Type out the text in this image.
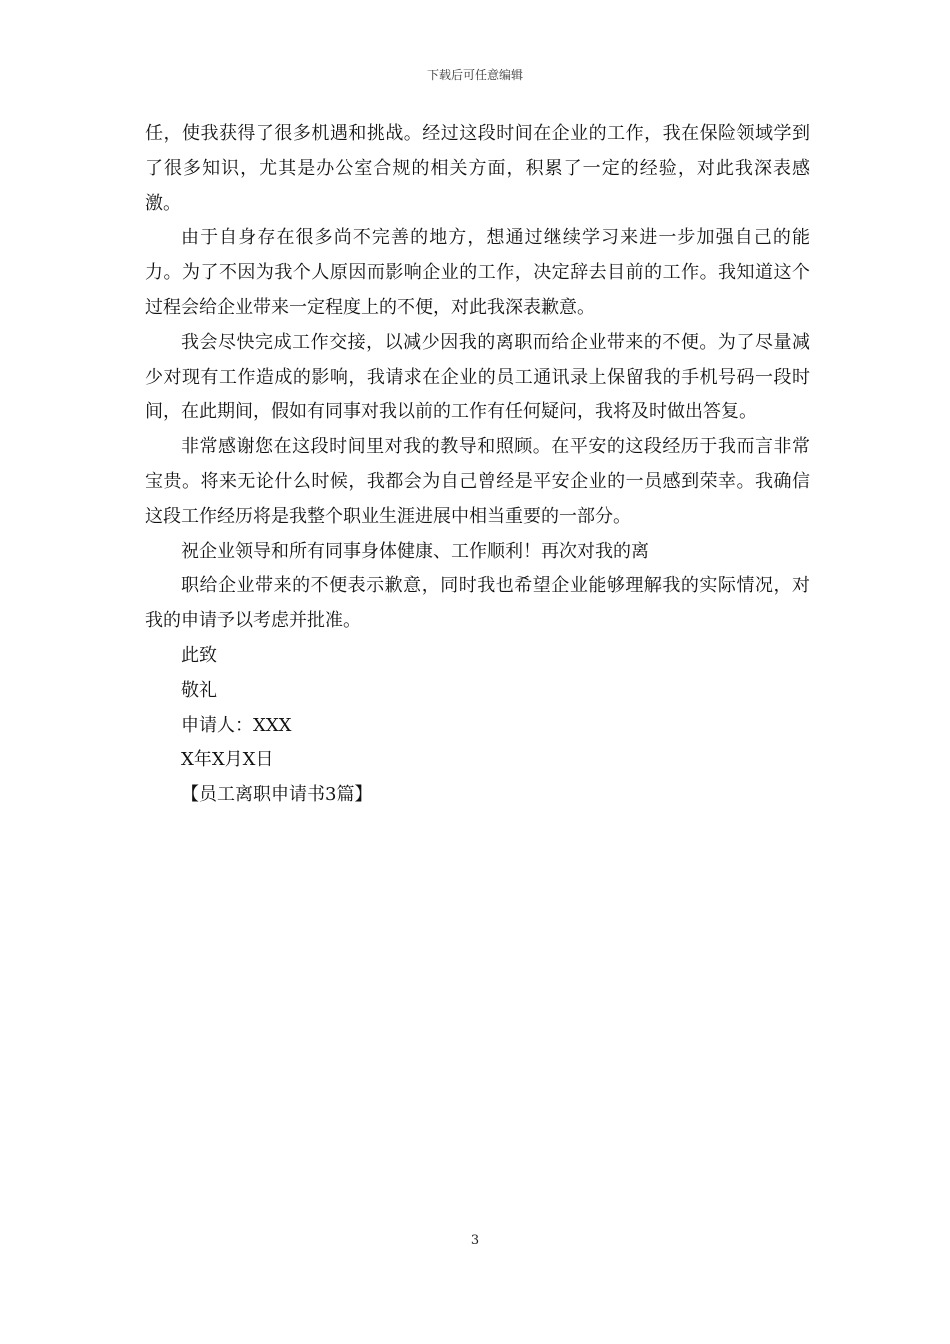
下载后可任意编辑

任，使我获得了很多机遇和挑战。经过这段时间在企业的工作，我在保险领域学到了很多知识，尤其是办公室合规的相关方面，积累了一定的经验，对此我深表感激。

由于自身存在很多尚不完善的地方，想通过继续学习来进一步加强自己的能力。为了不因为我个人原因而影响企业的工作，决定辞去目前的工作。我知道这个过程会给企业带来一定程度上的不便，对此我深表歉意。

我会尽快完成工作交接，以减少因我的离职而给企业带来的不便。为了尽量减少对现有工作造成的影响，我请求在企业的员工通讯录上保留我的手机号码一段时间，在此期间，假如有同事对我以前的工作有任何疑问，我将及时做出答复。

非常感谢您在这段时间里对我的教导和照顾。在平安的这段经历于我而言非常宝贵。将来无论什么时候，我都会为自己曾经是平安企业的一员感到荣幸。我确信这段工作经历将是我整个职业生涯进展中相当重要的一部分。

祝企业领导和所有同事身体健康、工作顺利！再次对我的离

职给企业带来的不便表示歉意，同时我也希望企业能够理解我的实际情况，对我的申请予以考虑并批准。

此致

敬礼

申请人：XXX

X年X月X日

【员工离职申请书3篇】

3
